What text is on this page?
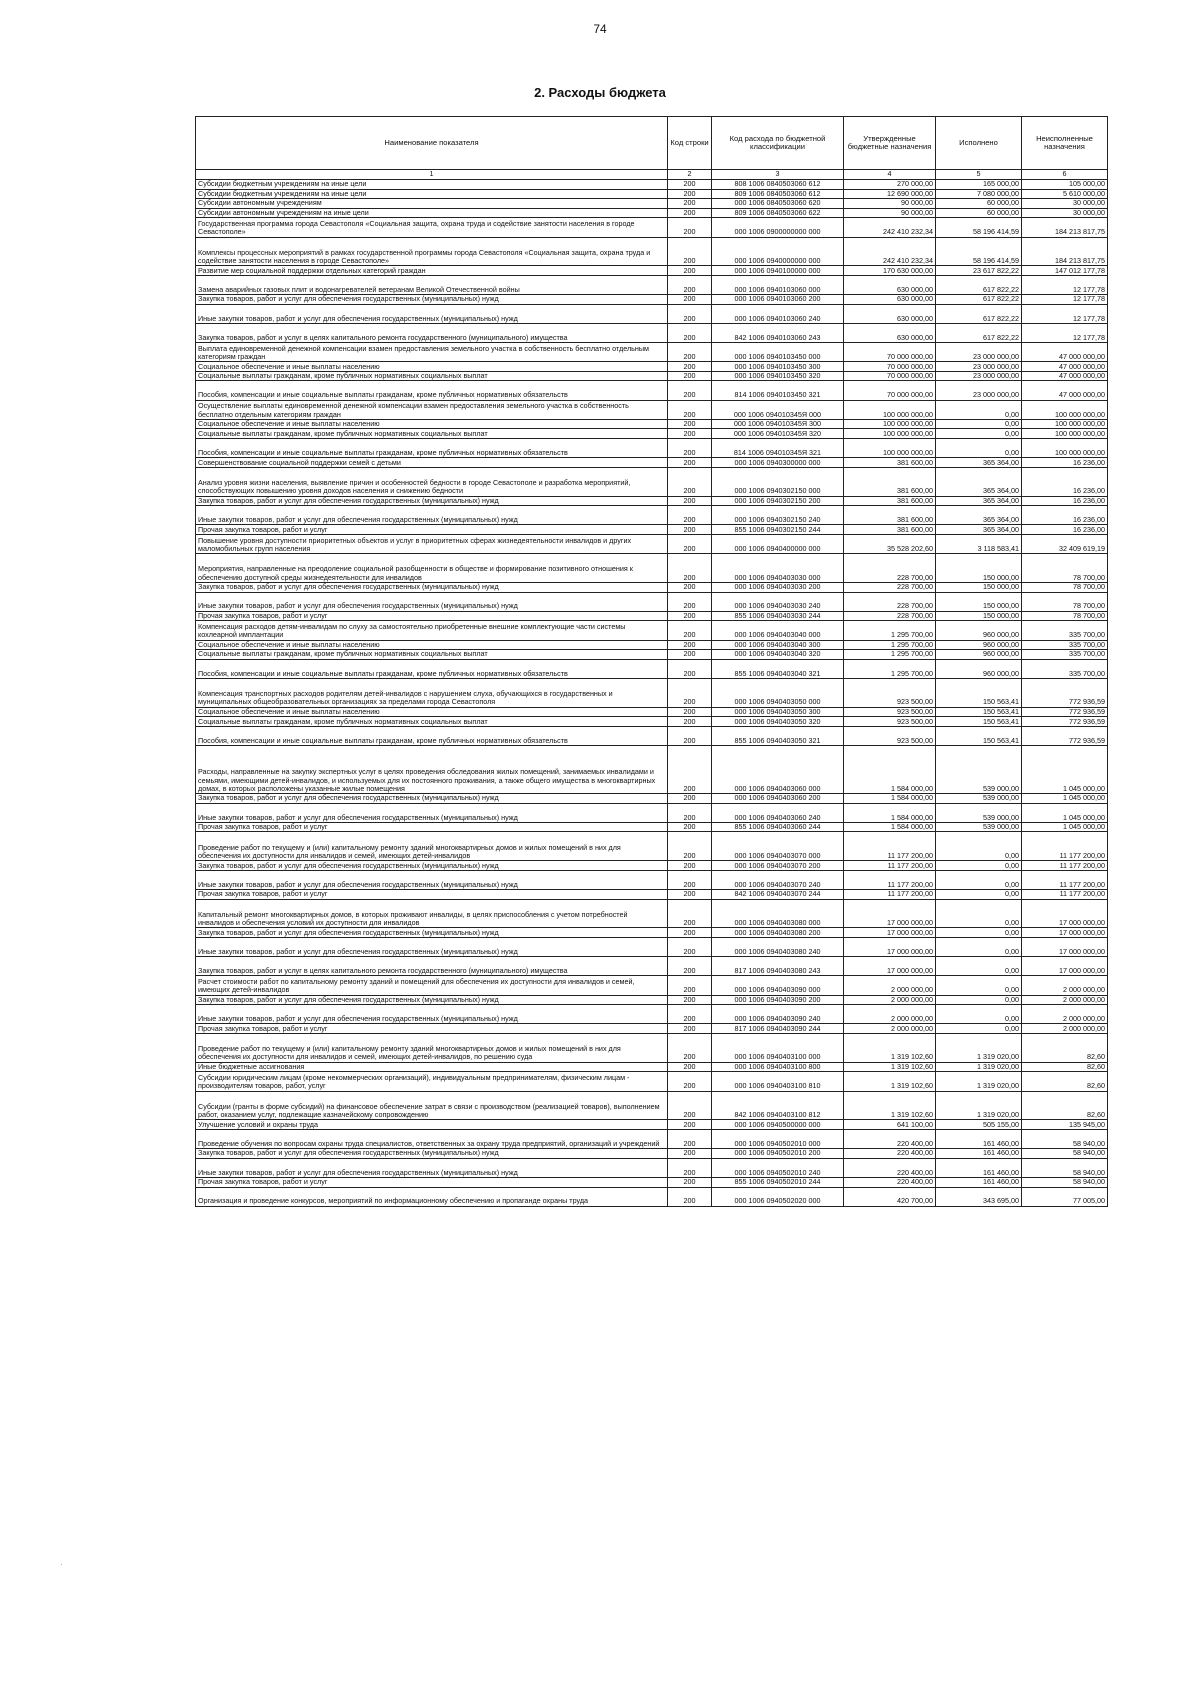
74
2. Расходы бюджета
Наименование показателя	Код строки	Код расхода по бюджетной классификации	Утвержденные бюджетные назначения	Исполнено	Неисполненные назначения
1	2	3	4	5	6
Субсидии бюджетным учреждениям на иные цели	200	808 1006 0840503060 612	270 000,00	165 000,00	105 000,00
Субсидии бюджетным учреждениям на иные цели	200	809 1006 0840503060 612	12 690 000,00	7 080 000,00	5 610 000,00
Субсидии автономным учреждениям	200	000 1006 0840503060 620	90 000,00	60 000,00	30 000,00
Субсидии автономным учреждениям на иные цели	200	809 1006 0840503060 622	90 000,00	60 000,00	30 000,00
Государственная программа города Севастополя «Социальная защита, охрана труда и содействие занятости населения в городе Севастополе»	200	000 1006 0900000000 000	242 410 232,34	58 196 414,59	184 213 817,75
Комплексы процессных мероприятий в рамках государственной программы города Севастополя «Социальная защита, охрана труда и содействие занятости населения в городе Севастополе»	200	000 1006 0940000000 000	242 410 232,34	58 196 414,59	184 213 817,75
Развитие мер социальной поддержки отдельных категорий граждан	200	000 1006 0940100000 000	170 630 000,00	23 617 822,22	147 012 177,78
Замена аварийных газовых плит и водонагревателей ветеранам Великой Отечественной войны	200	000 1006 0940103060 000	630 000,00	617 822,22	12 177,78
Закупка товаров, работ и услуг для обеспечения государственных (муниципальных) нужд	200	000 1006 0940103060 200	630 000,00	617 822,22	12 177,78
Иные закупки товаров, работ и услуг для обеспечения государственных (муниципальных) нужд	200	000 1006 0940103060 240	630 000,00	617 822,22	12 177,78
Закупка товаров, работ и услуг в целях капитального ремонта государственного (муниципального) имущества	200	842 1006 0940103060 243	630 000,00	617 822,22	12 177,78
Выплата единовременной денежной компенсации взамен предоставления земельного участка в собственность бесплатно отдельным категориям граждан	200	000 1006 0940103450 000	70 000 000,00	23 000 000,00	47 000 000,00
Социальное обеспечение и иные выплаты населению	200	000 1006 0940103450 300	70 000 000,00	23 000 000,00	47 000 000,00
Социальные выплаты гражданам, кроме публичных нормативных социальных выплат	200	000 1006 0940103450 320	70 000 000,00	23 000 000,00	47 000 000,00
Пособия, компенсации и иные социальные выплаты гражданам, кроме публичных нормативных обязательств	200	814 1006 0940103450 321	70 000 000,00	23 000 000,00	47 000 000,00
Осуществление выплаты единовременной денежной компенсации взамен предоставления земельного участка в собственность бесплатно отдельным категориям граждан	200	000 1006 094010345Я 000	100 000 000,00	0,00	100 000 000,00
Социальное обеспечение и иные выплаты населению	200	000 1006 094010345Я 300	100 000 000,00	0,00	100 000 000,00
Социальные выплаты гражданам, кроме публичных нормативных социальных выплат	200	000 1006 094010345Я 320	100 000 000,00	0,00	100 000 000,00
Пособия, компенсации и иные социальные выплаты гражданам, кроме публичных нормативных обязательств	200	814 1006 094010345Я 321	100 000 000,00	0,00	100 000 000,00
Совершенствование социальной поддержки семей с детьми	200	000 1006 0940300000 000	381 600,00	365 364,00	16 236,00
Анализ уровня жизни населения, выявление причин и особенностей бедности в городе Севастополе и разработка мероприятий, способствующих повышению уровня доходов населения и снижению бедности	200	000 1006 0940302150 000	381 600,00	365 364,00	16 236,00
Закупка товаров, работ и услуг для обеспечения государственных (муниципальных) нужд	200	000 1006 0940302150 200	381 600,00	365 364,00	16 236,00
Иные закупки товаров, работ и услуг для обеспечения государственных (муниципальных) нужд	200	000 1006 0940302150 240	381 600,00	365 364,00	16 236,00
Прочая закупка товаров, работ и услуг	200	855 1006 0940302150 244	381 600,00	365 364,00	16 236,00
Повышение уровня доступности приоритетных объектов и услуг в приоритетных сферах жизнедеятельности инвалидов и других маломобильных групп населения	200	000 1006 0940400000 000	35 528 202,60	3 118 583,41	32 409 619,19
Мероприятия, направленные на преодоление социальной разобщенности в обществе и формирование позитивного отношения к обеспечению доступной среды жизнедеятельности для инвалидов	200	000 1006 0940403030 000	228 700,00	150 000,00	78 700,00
Закупка товаров, работ и услуг для обеспечения государственных (муниципальных) нужд	200	000 1006 0940403030 200	228 700,00	150 000,00	78 700,00
Иные закупки товаров, работ и услуг для обеспечения государственных (муниципальных) нужд	200	000 1006 0940403030 240	228 700,00	150 000,00	78 700,00
Прочая закупка товаров, работ и услуг	200	855 1006 0940403030 244	228 700,00	150 000,00	78 700,00
Компенсация расходов детям-инвалидам по слуху за самостоятельно приобретенные внешние комплектующие части системы кохлеарной имплантации	200	000 1006 0940403040 000	1 295 700,00	960 000,00	335 700,00
Социальное обеспечение и иные выплаты населению	200	000 1006 0940403040 300	1 295 700,00	960 000,00	335 700,00
Социальные выплаты гражданам, кроме публичных нормативных социальных выплат	200	000 1006 0940403040 320	1 295 700,00	960 000,00	335 700,00
Пособия, компенсации и иные социальные выплаты гражданам, кроме публичных нормативных обязательств	200	855 1006 0940403040 321	1 295 700,00	960 000,00	335 700,00
Компенсация транспортных расходов родителям детей-инвалидов с нарушением слуха, обучающихся в государственных и муниципальных общеобразовательных организациях за пределами города Севастополя	200	000 1006 0940403050 000	923 500,00	150 563,41	772 936,59
Социальное обеспечение и иные выплаты населению	200	000 1006 0940403050 300	923 500,00	150 563,41	772 936,59
Социальные выплаты гражданам, кроме публичных нормативных социальных выплат	200	000 1006 0940403050 320	923 500,00	150 563,41	772 936,59
Пособия, компенсации и иные социальные выплаты гражданам, кроме публичных нормативных обязательств	200	855 1006 0940403050 321	923 500,00	150 563,41	772 936,59
Расходы, направленные на закупку экспертных услуг в целях проведения обследования жилых помещений, занимаемых инвалидами и семьями, имеющими детей-инвалидов, и используемых для их постоянного проживания, а также общего имущества в многоквартирных домах, в которых расположены указанные жилые помещения	200	000 1006 0940403060 000	1 584 000,00	539 000,00	1 045 000,00
Закупка товаров, работ и услуг для обеспечения государственных (муниципальных) нужд	200	000 1006 0940403060 200	1 584 000,00	539 000,00	1 045 000,00
Иные закупки товаров, работ и услуг для обеспечения государственных (муниципальных) нужд	200	000 1006 0940403060 240	1 584 000,00	539 000,00	1 045 000,00
Прочая закупка товаров, работ и услуг	200	855 1006 0940403060 244	1 584 000,00	539 000,00	1 045 000,00
Проведение работ по текущему и (или) капитальному ремонту зданий многоквартирных домов и жилых помещений в них для обеспечения их доступности для инвалидов и семей, имеющих детей-инвалидов	200	000 1006 0940403070 000	11 177 200,00	0,00	11 177 200,00
Закупка товаров, работ и услуг для обеспечения государственных (муниципальных) нужд	200	000 1006 0940403070 200	11 177 200,00	0,00	11 177 200,00
Иные закупки товаров, работ и услуг для обеспечения государственных (муниципальных) нужд	200	000 1006 0940403070 240	11 177 200,00	0,00	11 177 200,00
Прочая закупка товаров, работ и услуг	200	842 1006 0940403070 244	11 177 200,00	0,00	11 177 200,00
Капитальный ремонт многоквартирных домов, в которых проживают инвалиды, в целях приспособления с учетом потребностей инвалидов и обеспечения условий их доступности для инвалидов	200	000 1006 0940403080 000	17 000 000,00	0,00	17 000 000,00
Закупка товаров, работ и услуг для обеспечения государственных (муниципальных) нужд	200	000 1006 0940403080 200	17 000 000,00	0,00	17 000 000,00
Иные закупки товаров, работ и услуг для обеспечения государственных (муниципальных) нужд	200	000 1006 0940403080 240	17 000 000,00	0,00	17 000 000,00
Закупка товаров, работ и услуг в целях капитального ремонта государственного (муниципального) имущества	200	817 1006 0940403080 243	17 000 000,00	0,00	17 000 000,00
Расчет стоимости работ по капитальному ремонту зданий и помещений для обеспечения их доступности для инвалидов и семей, имеющих детей-инвалидов	200	000 1006 0940403090 000	2 000 000,00	0,00	2 000 000,00
Закупка товаров, работ и услуг для обеспечения государственных (муниципальных) нужд	200	000 1006 0940403090 200	2 000 000,00	0,00	2 000 000,00
Иные закупки товаров, работ и услуг для обеспечения государственных (муниципальных) нужд	200	000 1006 0940403090 240	2 000 000,00	0,00	2 000 000,00
Прочая закупка товаров, работ и услуг	200	817 1006 0940403090 244	2 000 000,00	0,00	2 000 000,00
Проведение работ по текущему и (или) капитальному ремонту зданий многоквартирных домов и жилых помещений в них для обеспечения их доступности для инвалидов и семей, имеющих детей-инвалидов, по решению суда	200	000 1006 0940403100 000	1 319 102,60	1 319 020,00	82,60
Иные бюджетные ассигнования	200	000 1006 0940403100 800	1 319 102,60	1 319 020,00	82,60
Субсидии юридическим лицам (кроме некоммерческих организаций), индивидуальным предпринимателям, физическим лицам - производителям товаров, работ, услуг	200	000 1006 0940403100 810	1 319 102,60	1 319 020,00	82,60
Субсидии (гранты в форме субсидий) на финансовое обеспечение затрат в связи с производством (реализацией товаров), выполнением работ, оказанием услуг, подлежащие казначейскому сопровождению	200	842 1006 0940403100 812	1 319 102,60	1 319 020,00	82,60
Улучшение условий и охраны труда	200	000 1006 0940500000 000	641 100,00	505 155,00	135 945,00
Проведение обучения по вопросам охраны труда специалистов, ответственных за охрану труда предприятий, организаций и учреждений	200	000 1006 0940502010 000	220 400,00	161 460,00	58 940,00
Закупка товаров, работ и услуг для обеспечения государственных (муниципальных) нужд	200	000 1006 0940502010 200	220 400,00	161 460,00	58 940,00
Иные закупки товаров, работ и услуг для обеспечения государственных (муниципальных) нужд	200	000 1006 0940502010 240	220 400,00	161 460,00	58 940,00
Прочая закупка товаров, работ и услуг	200	855 1006 0940502010 244	220 400,00	161 460,00	58 940,00
Организация и проведение конкурсов, мероприятий по информационному обеспечению и пропаганде охраны труда	200	000 1006 0940502020 000	420 700,00	343 695,00	77 005,00
·
